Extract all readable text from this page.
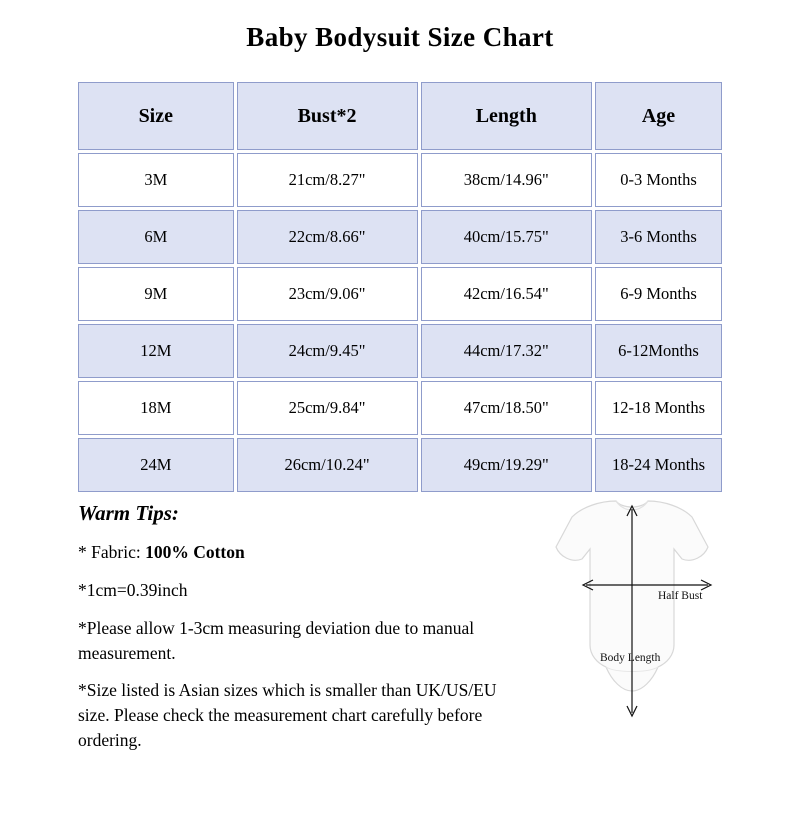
Baby Bodysuit Size Chart
Size	Bust*2	Length	Age
3M	21cm/8.27"	38cm/14.96"	0-3 Months
6M	22cm/8.66"	40cm/15.75"	3-6 Months
9M	23cm/9.06"	42cm/16.54"	6-9 Months
12M	24cm/9.45"	44cm/17.32"	6-12Months
18M	25cm/9.84"	47cm/18.50"	12-18 Months
24M	26cm/10.24"	49cm/19.29"	18-24 Months
Warm Tips:
* Fabric: 100% Cotton
*1cm=0.39inch
*Please allow 1-3cm measuring deviation due to manual measurement.
*Size listed is Asian sizes which is smaller than UK/US/EU size. Please check the measurement chart carefully before ordering.
Half Bust
Body Length
